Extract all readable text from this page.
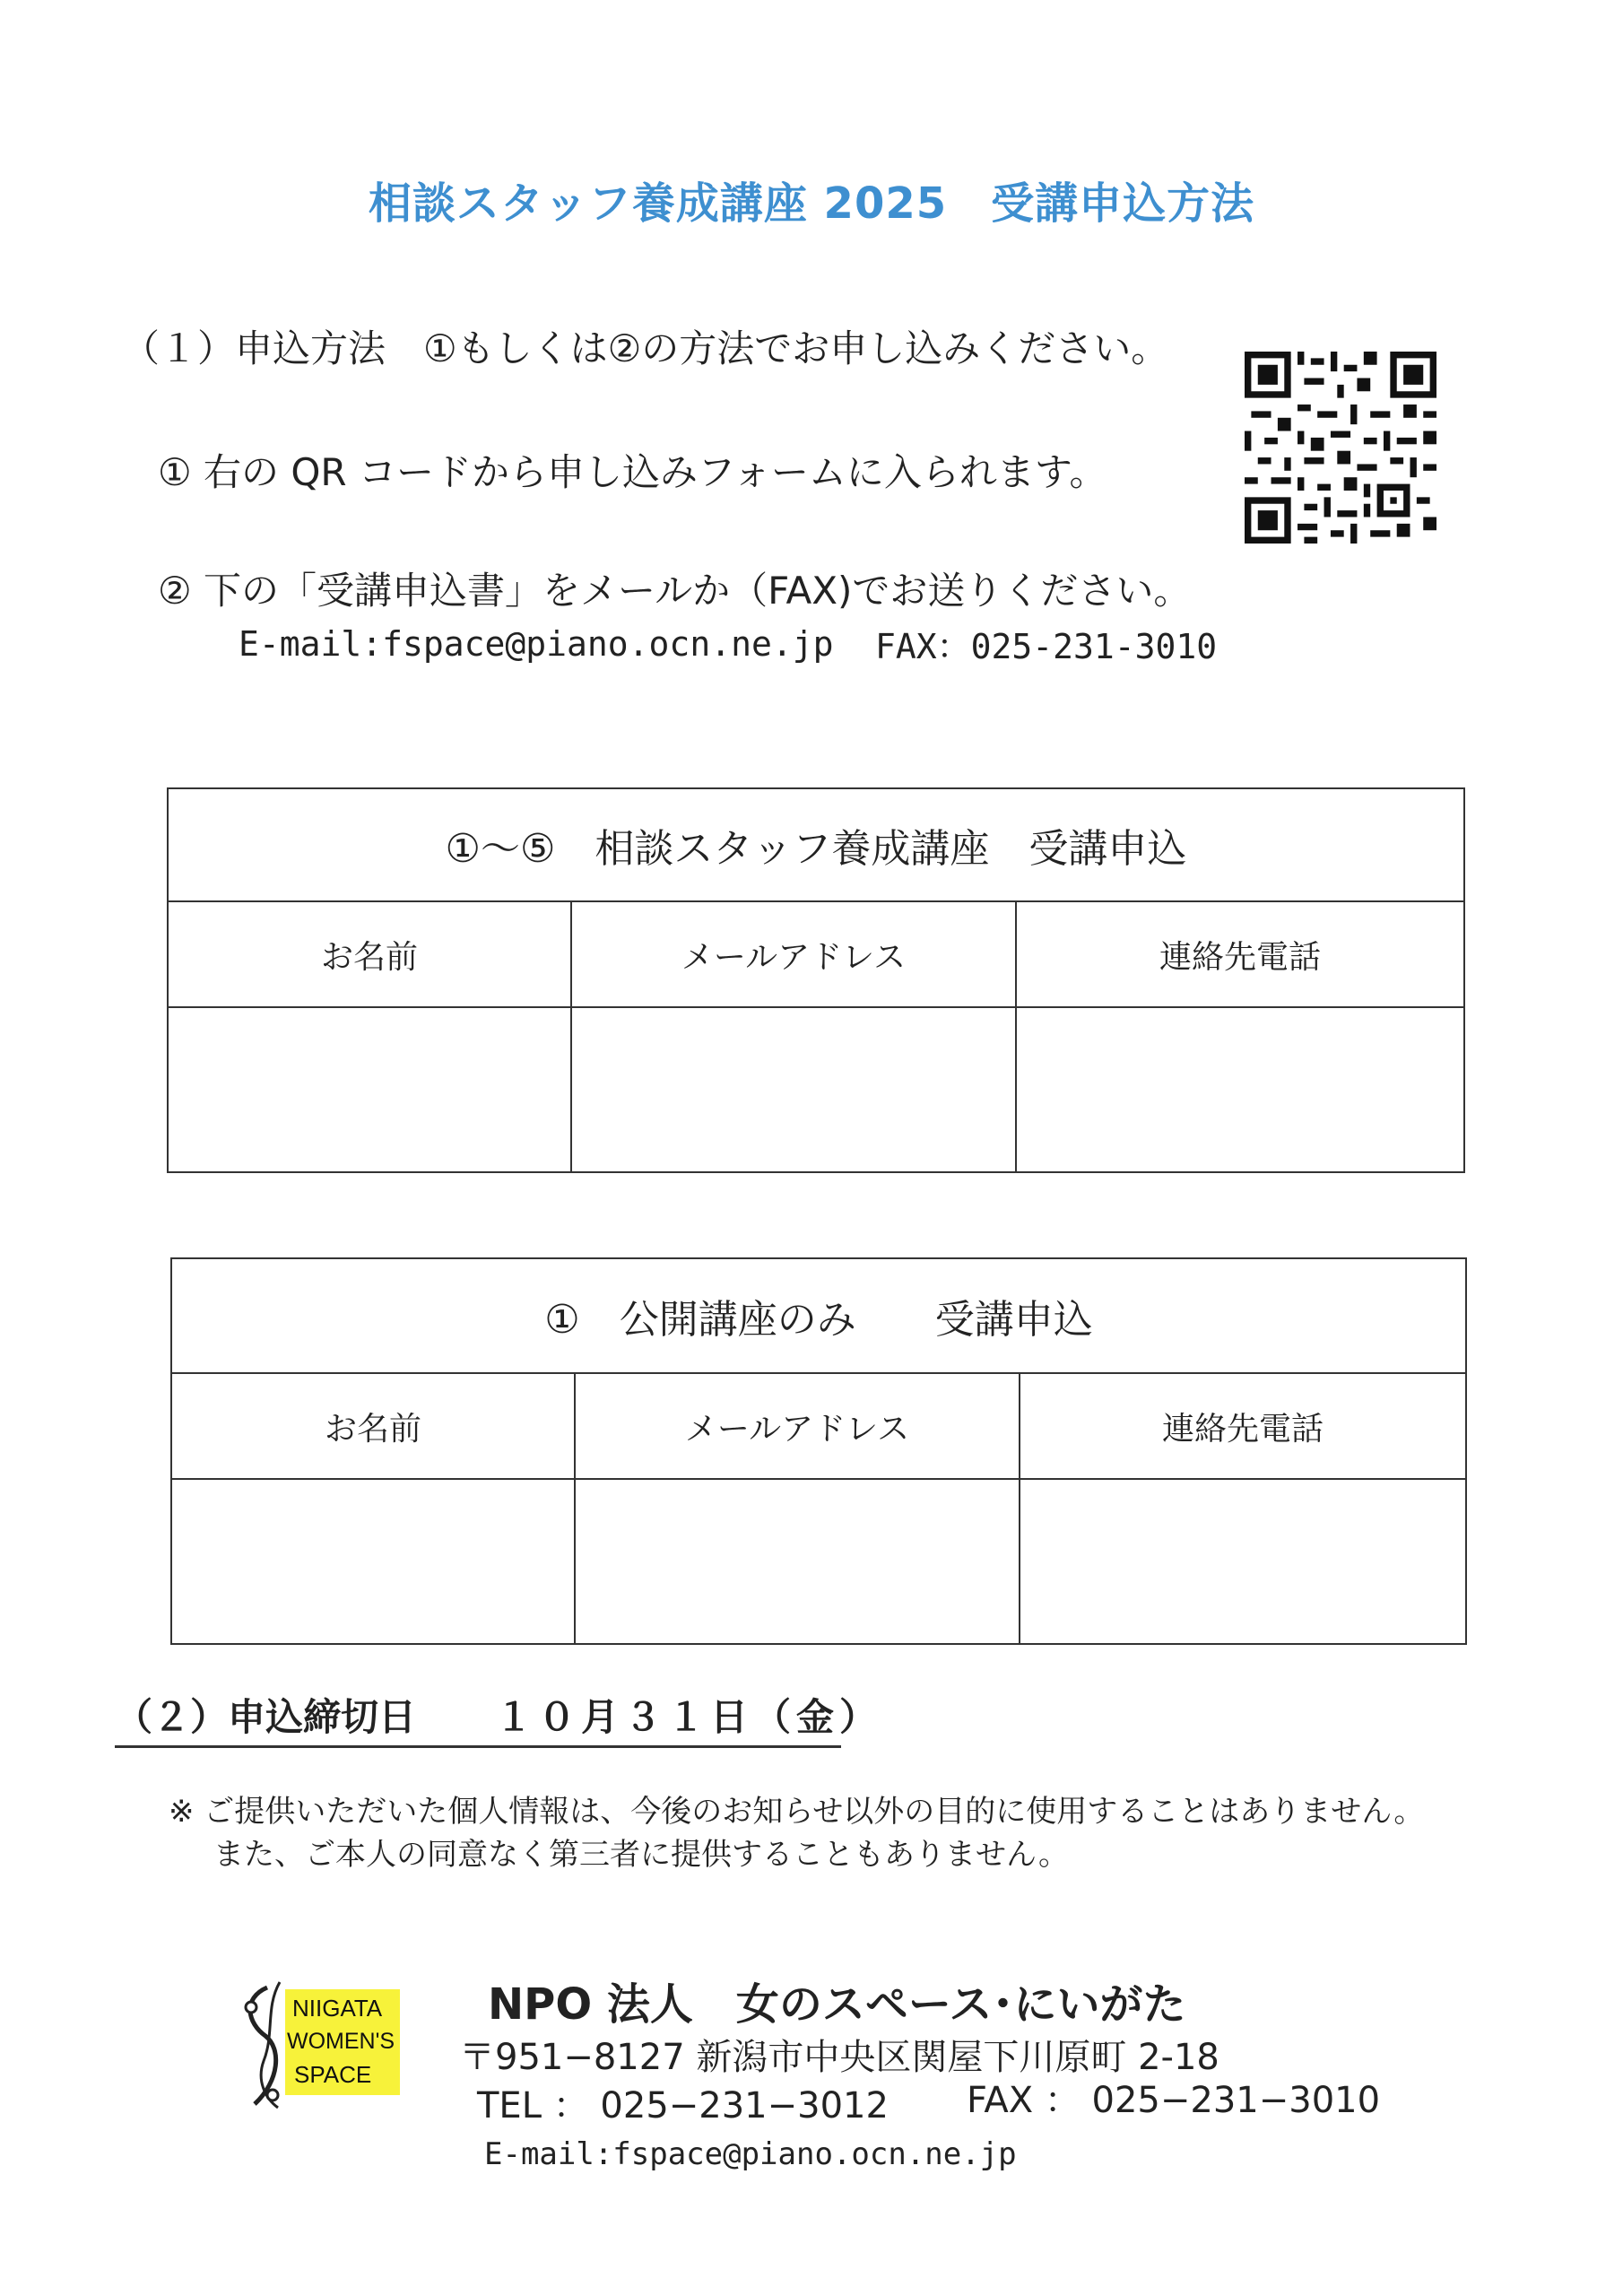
相談スタッフ養成講座 2025　受講申込方法
（１）申込方法　①もしくは②の方法でお申し込みください。
① 右の QR コードから申し込みフォームに入られます。
② 下の「受講申込書」をメールか（FAX)でお送りください。
E-mail:fspace@piano.ocn.ne.jp FAX：025-231-3010
①～⑤　相談スタッフ養成講座　受講申込		
お名前	メールアドレス	連絡先電話

①　公開講座のみ　　受講申込		
お名前	メールアドレス	連絡先電話

（２）申込締切日 １０月３１日（金）
※ ご提供いただいた個人情報は、今後のお知らせ以外の目的に使用することはありません。
また、ご本人の同意なく第三者に提供することもありません。
NIIGATA
WOMEN'S
SPACE
NPO 法人　女のスペース･にいがた
〒951−8127 新潟市中央区関屋下川原町 2-18
TEL ： 025−231−3012 FAX ： 025−231−3010
E-mail:fspace@piano.ocn.ne.jp
